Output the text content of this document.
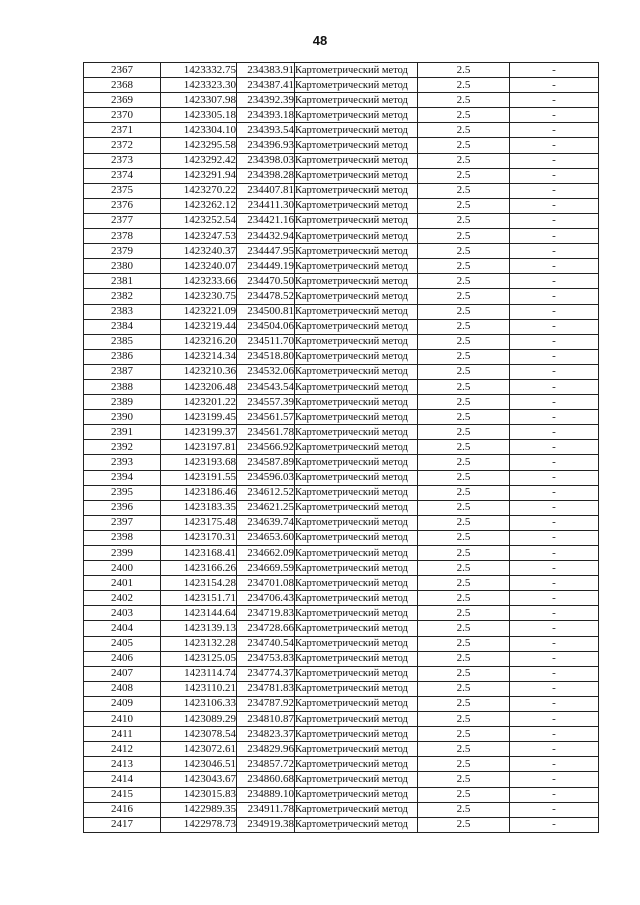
48
2367	1423332.75	234383.91	Картометрический метод	2.5	-
2368	1423323.30	234387.41	Картометрический метод	2.5	-
2369	1423307.98	234392.39	Картометрический метод	2.5	-
2370	1423305.18	234393.18	Картометрический метод	2.5	-
2371	1423304.10	234393.54	Картометрический метод	2.5	-
2372	1423295.58	234396.93	Картометрический метод	2.5	-
2373	1423292.42	234398.03	Картометрический метод	2.5	-
2374	1423291.94	234398.28	Картометрический метод	2.5	-
2375	1423270.22	234407.81	Картометрический метод	2.5	-
2376	1423262.12	234411.30	Картометрический метод	2.5	-
2377	1423252.54	234421.16	Картометрический метод	2.5	-
2378	1423247.53	234432.94	Картометрический метод	2.5	-
2379	1423240.37	234447.95	Картометрический метод	2.5	-
2380	1423240.07	234449.19	Картометрический метод	2.5	-
2381	1423233.66	234470.50	Картометрический метод	2.5	-
2382	1423230.75	234478.52	Картометрический метод	2.5	-
2383	1423221.09	234500.81	Картометрический метод	2.5	-
2384	1423219.44	234504.06	Картометрический метод	2.5	-
2385	1423216.20	234511.70	Картометрический метод	2.5	-
2386	1423214.34	234518.80	Картометрический метод	2.5	-
2387	1423210.36	234532.06	Картометрический метод	2.5	-
2388	1423206.48	234543.54	Картометрический метод	2.5	-
2389	1423201.22	234557.39	Картометрический метод	2.5	-
2390	1423199.45	234561.57	Картометрический метод	2.5	-
2391	1423199.37	234561.78	Картометрический метод	2.5	-
2392	1423197.81	234566.92	Картометрический метод	2.5	-
2393	1423193.68	234587.89	Картометрический метод	2.5	-
2394	1423191.55	234596.03	Картометрический метод	2.5	-
2395	1423186.46	234612.52	Картометрический метод	2.5	-
2396	1423183.35	234621.25	Картометрический метод	2.5	-
2397	1423175.48	234639.74	Картометрический метод	2.5	-
2398	1423170.31	234653.60	Картометрический метод	2.5	-
2399	1423168.41	234662.09	Картометрический метод	2.5	-
2400	1423166.26	234669.59	Картометрический метод	2.5	-
2401	1423154.28	234701.08	Картометрический метод	2.5	-
2402	1423151.71	234706.43	Картометрический метод	2.5	-
2403	1423144.64	234719.83	Картометрический метод	2.5	-
2404	1423139.13	234728.66	Картометрический метод	2.5	-
2405	1423132.28	234740.54	Картометрический метод	2.5	-
2406	1423125.05	234753.83	Картометрический метод	2.5	-
2407	1423114.74	234774.37	Картометрический метод	2.5	-
2408	1423110.21	234781.83	Картометрический метод	2.5	-
2409	1423106.33	234787.92	Картометрический метод	2.5	-
2410	1423089.29	234810.87	Картометрический метод	2.5	-
2411	1423078.54	234823.37	Картометрический метод	2.5	-
2412	1423072.61	234829.96	Картометрический метод	2.5	-
2413	1423046.51	234857.72	Картометрический метод	2.5	-
2414	1423043.67	234860.68	Картометрический метод	2.5	-
2415	1423015.83	234889.10	Картометрический метод	2.5	-
2416	1422989.35	234911.78	Картометрический метод	2.5	-
2417	1422978.73	234919.38	Картометрический метод	2.5	-
